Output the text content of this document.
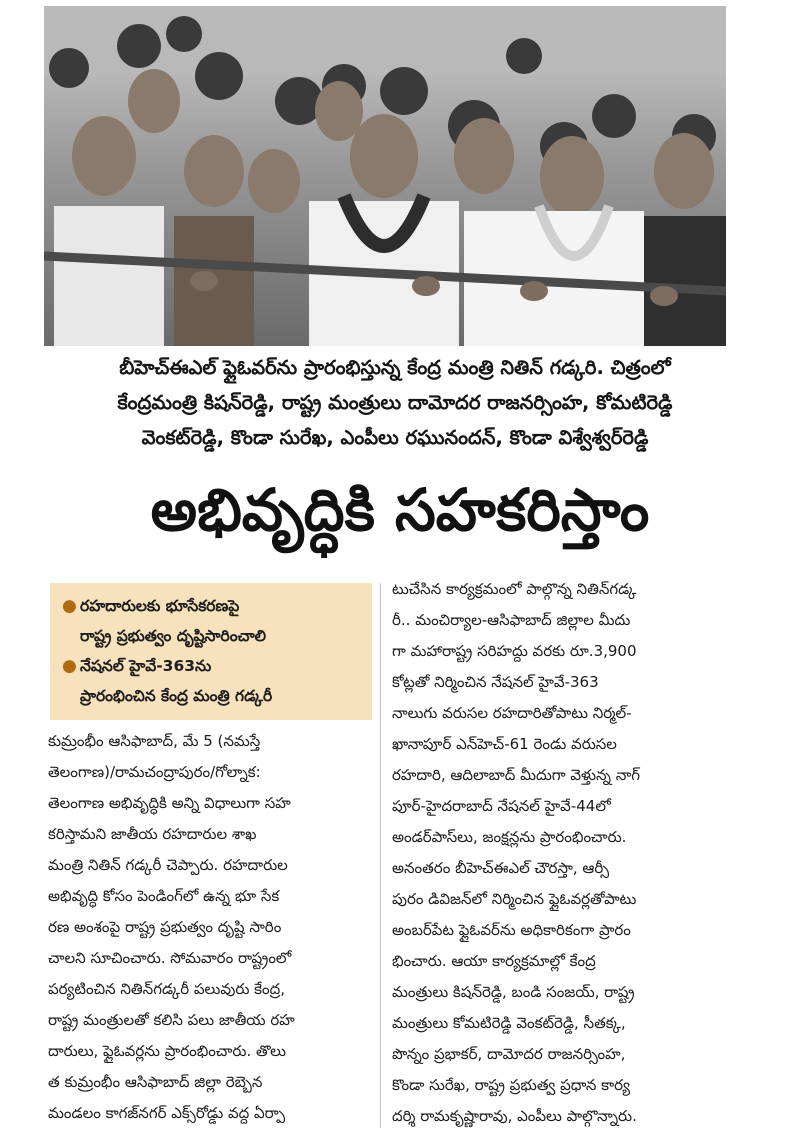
బీహెచ్‌ఈఎల్ ఫ్లైఓవర్‌ను ప్రారంభిస్తున్న కేంద్ర మంత్రి నితిన్ గడ్కరి. చిత్రంలో
కేంద్రమంత్రి కిషన్‌రెడ్డి, రాష్ట్ర మంత్రులు దామోదర రాజనర్సింహ, కోమటిరెడ్డి
వెంకట్‌రెడ్డి, కొండా సురేఖ, ఎంపీలు రఘునందన్, కొండా విశ్వేశ్వర్‌రెడ్డి
అభివృద్ధికి సహకరిస్తాం
● రహదారులకు భూసేకరణపై
రాష్ట్ర ప్రభుత్వం దృష్టిసారించాలి
● నేషనల్ హైవే-363ను
ప్రారంభించిన కేంద్ర మంత్రి గడ్కరీ
కుమ్రంభీం ఆసిఫాబాద్, మే 5 (నమస్తే
తెలంగాణ)/రామచంద్రాపురం/గోల్నాక:
తెలంగాణ అభివృద్ధికి అన్ని విధాలుగా సహ
కరిస్తామని జాతీయ రహదారుల శాఖ
మంత్రి నితిన్ గడ్కరీ చెప్పారు. రహదారుల
అభివృద్ధి కోసం పెండింగ్‌లో ఉన్న భూ సేక
రణ అంశంపై రాష్ట్ర ప్రభుత్వం దృష్టి సారిం
చాలని సూచించారు. సోమవారం రాష్ట్రంలో
పర్యటించిన నితిన్‌గడ్కరీ పలువురు కేంద్ర,
రాష్ట్ర మంత్రులతో కలిసి పలు జాతీయ రహ
దారులు, ఫ్లైఓవర్లను ప్రారంభించారు. తొలు
త కుమ్రంభీం ఆసిఫాబాద్ జిల్లా రెబ్బెన
మండలం కాగజ్‌నగర్ ఎక్స్‌రోడ్డు వద్ద ఏర్పా
టుచేసిన కార్యక్రమంలో పాల్గొన్న నితిన్‌గడ్క
రీ.. మంచిర్యాల-ఆసిఫాబాద్ జిల్లాల మీదు
గా మహారాష్ట్ర సరిహద్దు వరకు రూ.3,900
కోట్లతో నిర్మించిన నేషనల్ హైవే-363
నాలుగు వరుసల రహదారితోపాటు నిర్మల్-
ఖానాపూర్ ఎన్‌హెచ్-61 రెండు వరుసల
రహదారి, ఆదిలాబాద్ మీదుగా వెళ్తున్న నాగ్
పూర్-హైదరాబాద్ నేషనల్ హైవే-44లో
అండర్‌పాస్‌లు, జంక్షన్లను ప్రారంభించారు.
అనంతరం బీహెచ్‌ఈఎల్ చౌరస్తా, ఆర్సీ
పురం డివిజన్‌లో నిర్మించిన ఫ్లైఓవర్లతోపాటు
అంబర్‌పేట ఫ్లైఓవర్‌ను అధికారికంగా ప్రారం
భించారు. ఆయా కార్యక్రమాల్లో కేంద్ర
మంత్రులు కిషన్‌రెడ్డి, బండి సంజయ్, రాష్ట్ర
మంత్రులు కోమటిరెడ్డి వెంకట్‌రెడ్డి, సీతక్క,
పొన్నం ప్రభాకర్, దామోదర రాజనర్సింహ,
కొండా సురేఖ, రాష్ట్ర ప్రభుత్వ ప్రధాన కార్య
దర్శి రామకృష్ణారావు, ఎంపీలు పాల్గొన్నారు.
